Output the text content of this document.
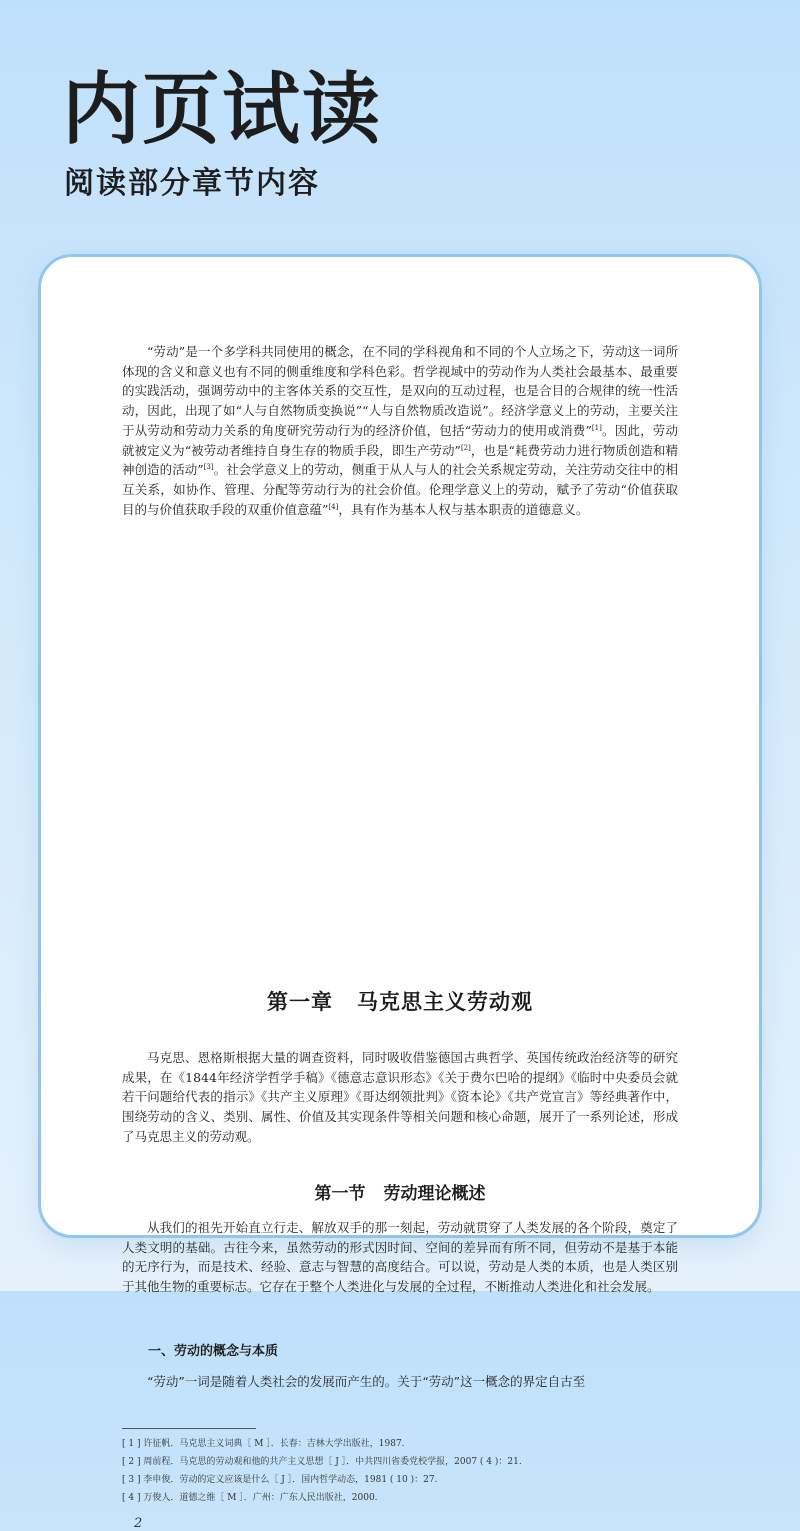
内页试读
阅读部分章节内容

“劳动”是一个多学科共同使用的概念，在不同的学科视角和不同的个人立场之下，劳动这一词所体现的含义和意义也有不同的侧重维度和学科色彩。哲学视域中的劳动作为人类社会最基本、最重要的实践活动，强调劳动中的主客体关系的交互性，是双向的互动过程，也是合目的合规律的统一性活动，因此，出现了如“人与自然物质变换说”“人与自然物质改造说”。经济学意义上的劳动，主要关注于从劳动和劳动力关系的角度研究劳动行为的经济价值，包括“劳动力的使用或消费”[1]。因此，劳动就被定义为“被劳动者维持自身生存的物质手段，即生产劳动”[2]，也是“耗费劳动力进行物质创造和精神创造的活动”[3]。社会学意义上的劳动，侧重于从人与人的社会关系规定劳动，关注劳动交往中的相互关系，如协作、管理、分配等劳动行为的社会价值。伦理学意义上的劳动，赋予了劳动“价值获取目的与价值获取手段的双重价值意蕴”[4]，具有作为基本人权与基本职责的道德意义。

第一章 马克思主义劳动观

马克思、恩格斯根据大量的调查资料，同时吸收借鉴德国古典哲学、英国传统政治经济等的研究成果，在《1844年经济学哲学手稿》《德意志意识形态》《关于费尔巴哈的提纲》《临时中央委员会就若干问题给代表的指示》《共产主义原理》《哥达纲领批判》《资本论》《共产党宣言》等经典著作中，围绕劳动的含义、类别、属性、价值及其实现条件等相关问题和核心命题，展开了一系列论述，形成了马克思主义的劳动观。

第一节 劳动理论概述

从我们的祖先开始直立行走、解放双手的那一刻起，劳动就贯穿了人类发展的各个阶段，奠定了人类文明的基础。古往今来，虽然劳动的形式因时间、空间的差异而有所不同，但劳动不是基于本能的无序行为，而是技术、经验、意志与智慧的高度结合。可以说，劳动是人类的本质，也是人类区别于其他生物的重要标志。它存在于整个人类进化与发展的全过程，不断推动人类进化和社会发展。

一、劳动的概念与本质

“劳动”一词是随着人类社会的发展而产生的。关于“劳动”这一概念的界定自古至

[ 1 ] 许征帆．马克思主义词典［ M ］．长春：吉林大学出版社，1987.
[ 2 ] 周前程．马克思的劳动观和他的共产主义思想［ J ］．中共四川省委党校学报，2007 ( 4 )：21.
[ 3 ] 李申俊．劳动的定义应该是什么［ J ］．国内哲学动态，1981 ( 10 )：27.
[ 4 ] 万俊人．道德之维［ M ］．广州：广东人民出版社，2000.
2
